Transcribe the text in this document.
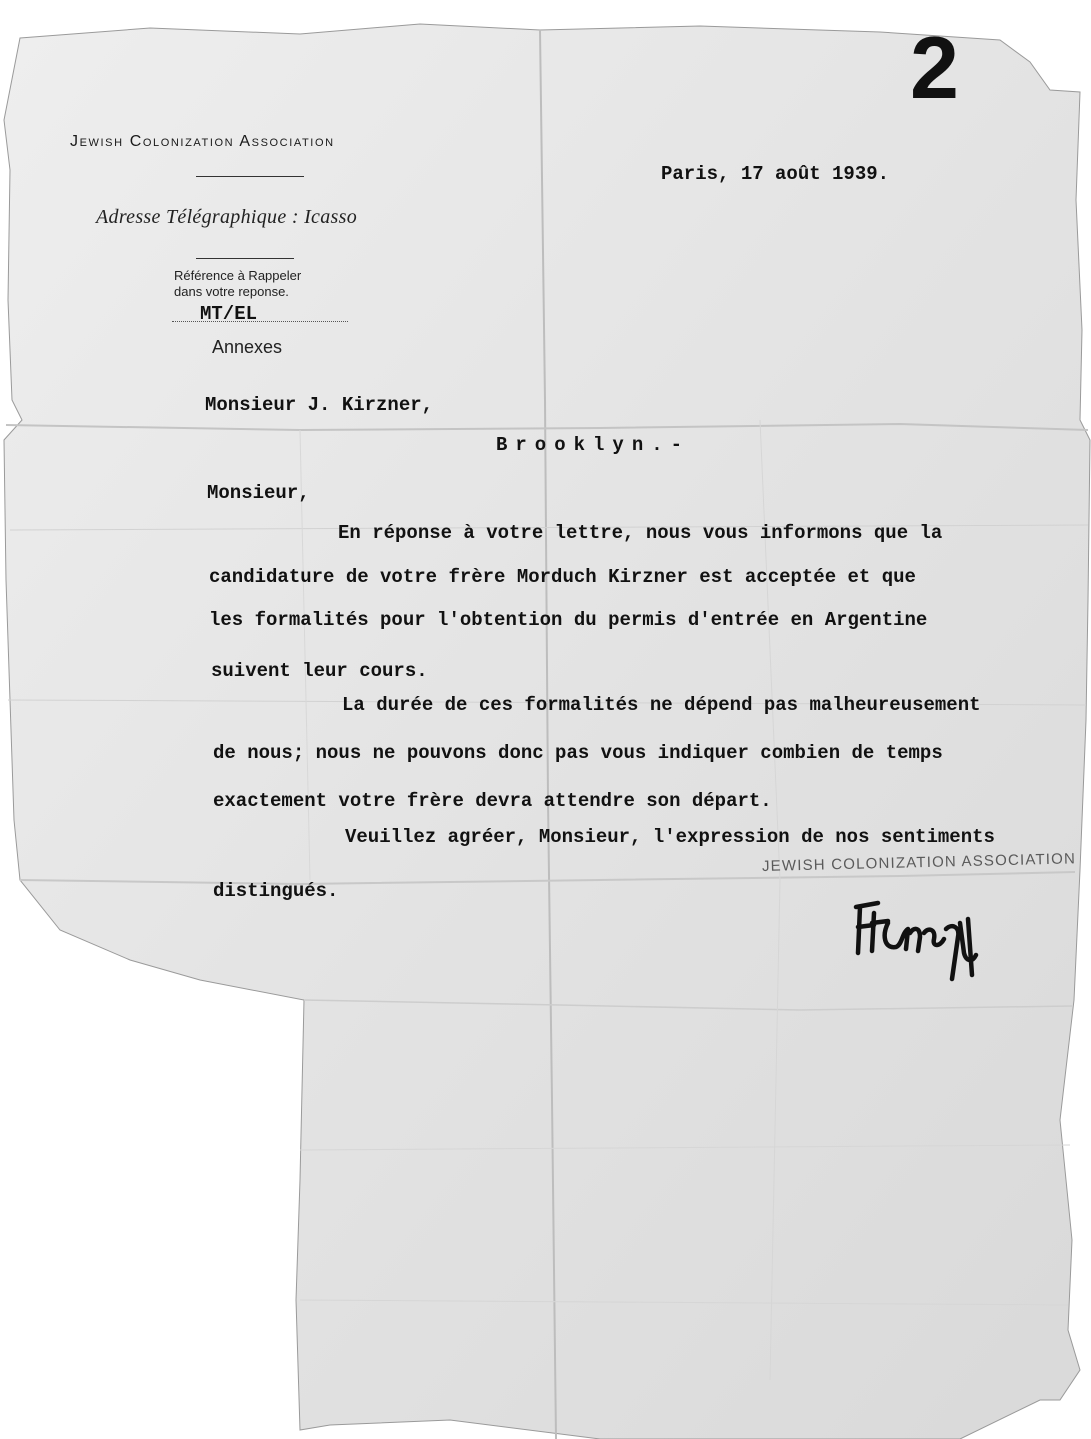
2
Jewish Colonization Association
Adresse Télégraphique : Icasso
Référence à Rappeler
dans votre reponse.
MT/EL
Annexes
Paris, 17 août 1939.
Monsieur J. Kirzner,
Brooklyn.-
Monsieur,
En réponse à votre lettre, nous vous informons que la
candidature de votre frère Morduch Kirzner est acceptée et que
les formalités pour l'obtention du permis d'entrée en Argentine
suivent leur cours.
La durée de ces formalités ne dépend pas malheureusement
de nous; nous ne pouvons donc pas vous indiquer combien de temps
exactement votre frère devra attendre son départ.
Veuillez agréer, Monsieur, l'expression de nos sentiments
distingués.
JEWISH COLONIZATION ASSOCIATION
